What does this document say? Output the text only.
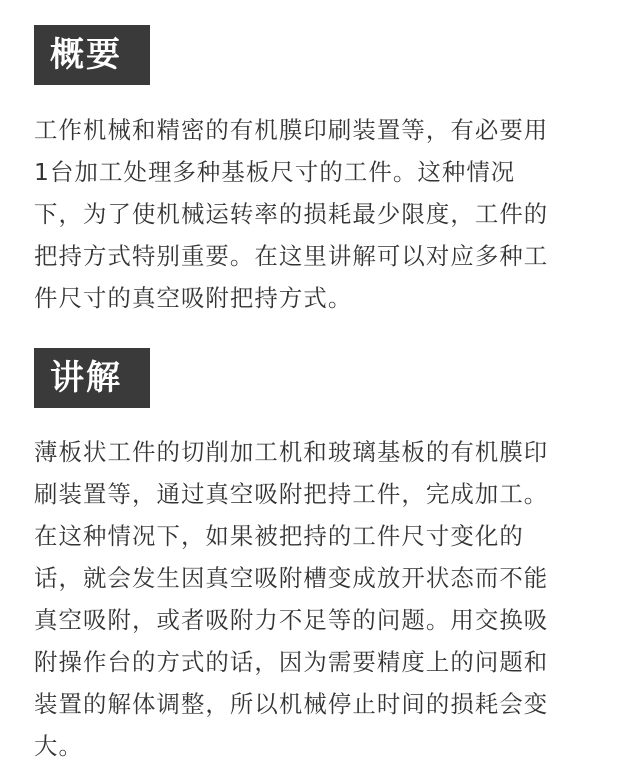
概要

工作机械和精密的有机膜印刷装置等，有必要用
1台加工处理多种基板尺寸的工件。这种情况
下，为了使机械运转率的损耗最少限度，工件的
把持方式特别重要。在这里讲解可以对应多种工
件尺寸的真空吸附把持方式。

讲解

薄板状工件的切削加工机和玻璃基板的有机膜印
刷装置等，通过真空吸附把持工件，完成加工。
在这种情况下，如果被把持的工件尺寸变化的
话，就会发生因真空吸附槽变成放开状态而不能
真空吸附，或者吸附力不足等的问题。用交换吸
附操作台的方式的话，因为需要精度上的问题和
装置的解体调整，所以机械停止时间的损耗会变
大。
